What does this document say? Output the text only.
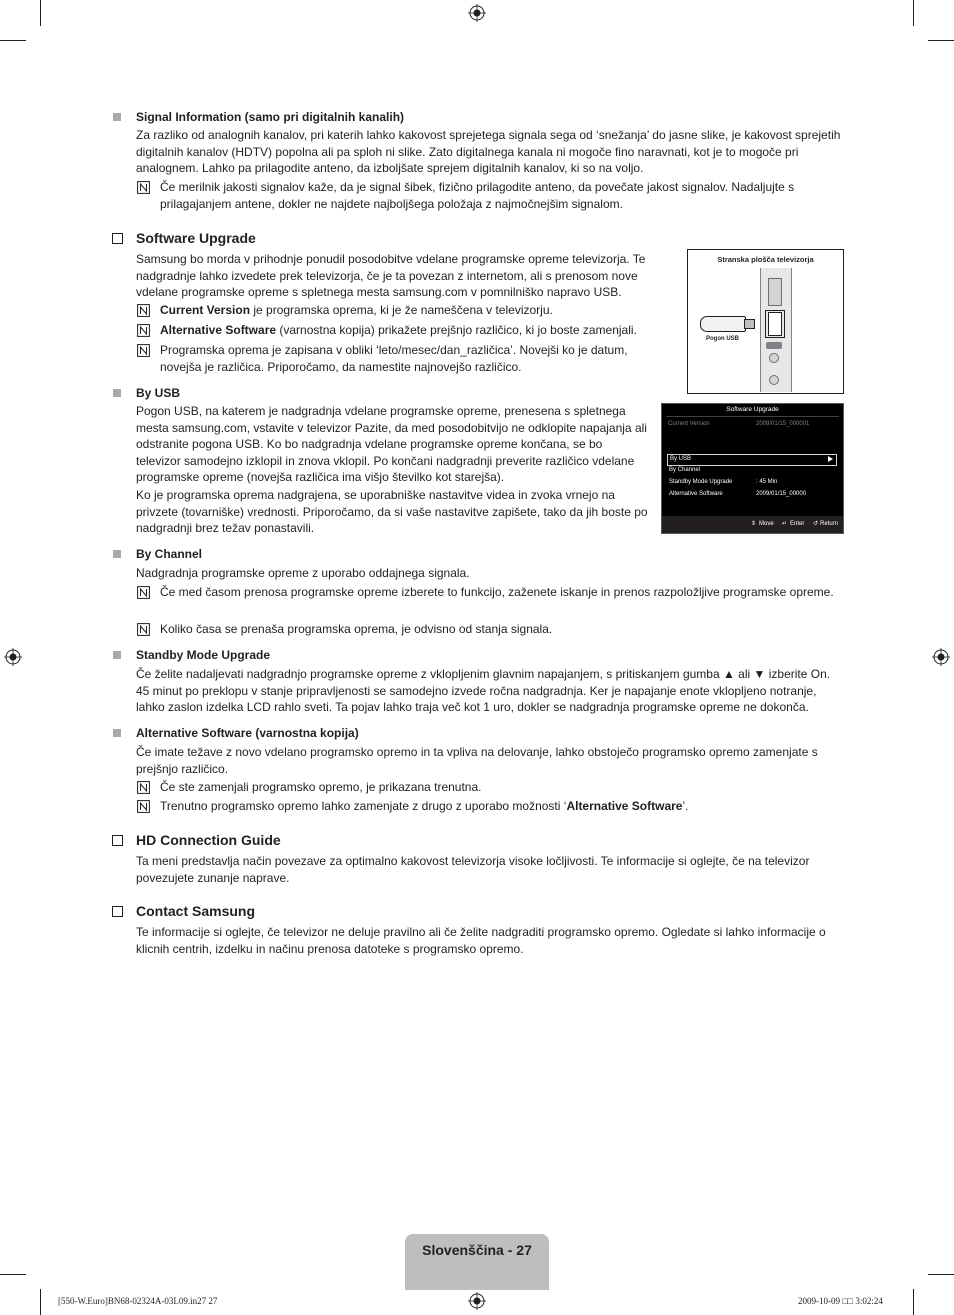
Signal Information (samo pri digitalnih kanalih)

Za razliko od analognih kanalov, pri katerih lahko kakovost sprejetega signala sega od ‘snežanja’ do jasne slike, je kakovost sprejetih digitalnih kanalov (HDTV) popolna ali pa sploh ni slike. Zato digitalnega kanala ni mogoče fino naravnati, kot je to mogoče pri analognem. Lahko pa prilagodite anteno, da izboljšate sprejem digitalnih kanalov, ki so na voljo.

Če merilnik jakosti signalov kaže, da je signal šibek, fizično prilagodite anteno, da povečate jakost signalov. Nadaljujte s prilagajanjem antene, dokler ne najdete najboljšega položaja z najmočnejšim signalom.

Software Upgrade

Samsung bo morda v prihodnje ponudil posodobitve vdelane programske opreme televizorja. Te nadgradnje lahko izvedete prek televizorja, če je ta povezan z internetom, ali s prenosom nove vdelane programske opreme s spletnega mesta samsung.com v pomnilniško napravo USB.

Current Version je programska oprema, ki je že nameščena v televizorju.

Alternative Software (varnostna kopija) prikažete prejšnjo različico, ki jo boste zamenjali.

Programska oprema je zapisana v obliki ‘leto/mesec/dan_različica’. Novejši ko je datum, novejša je različica. Priporočamo, da namestite najnovejšo različico.

Stranska plošča televizorja
Pogon USB
By USB

Pogon USB, na katerem je nadgradnja vdelane programske opreme, prenesena s spletnega mesta samsung.com, vstavite v televizor Pazite, da med posodobitvijo ne odklopite napajanja ali odstranite pogona USB. Ko bo nadgradnja vdelane programske opreme končana, se bo televizor samodejno izklopil in znova vklopil. Po končani nadgradnji preverite različico vdelane programske opreme (novejša različica ima višjo številko kot starejša).

Ko je programska oprema nadgrajena, se uporabniške nastavitve videa in zvoka vrnejo na privzete (tovarniške) vrednosti. Priporočamo, da si vaše nastavitve zapišete, tako da jih boste po nadgradnji brez težav ponastavili.

Software Upgrade
Current Version	2009/01/15_000001
By USB
By Channel
Standby Mode Upgrade	: 45 Min
Alternative Software	2009/01/15_00000
⇕ Move ↵ Enter ↺ Return
By Channel

Nadgradnja programske opreme z uporabo oddajnega signala.

Če med časom prenosa programske opreme izberete to funkcijo, zaženete iskanje in prenos razpoložljive programske opreme.

Koliko časa se prenaša programska oprema, je odvisno od stanja signala.

Standby Mode Upgrade

Če želite nadaljevati nadgradnjo programske opreme z vklopljenim glavnim napajanjem, s pritiskanjem gumba ▲ ali ▼ izberite On. 45 minut po preklopu v stanje pripravljenosti se samodejno izvede ročna nadgradnja. Ker je napajanje enote vklopljeno notranje, lahko zaslon izdelka LCD rahlo sveti. Ta pojav lahko traja več kot 1 uro, dokler se nadgradnja programske opreme ne dokonča.

Alternative Software (varnostna kopija)

Če imate težave z novo vdelano programsko opremo in ta vpliva na delovanje, lahko obstoječo programsko opremo zamenjate s prejšnjo različico.

Če ste zamenjali programsko opremo, je prikazana trenutna.

Trenutno programsko opremo lahko zamenjate z drugo z uporabo možnosti ‘Alternative Software’.

HD Connection Guide

Ta meni predstavlja način povezave za optimalno kakovost televizorja visoke ločljivosti. Te informacije si oglejte, če na televizor povezujete zunanje naprave.

Contact Samsung

Te informacije si oglejte, če televizor ne deluje pravilno ali če želite nadgraditi programsko opremo. Ogledate si lahko informacije o klicnih centrih, izdelku in načinu prenosa datoteke s programsko opremo.

Slovenščina - 27
[550-W.Euro]BN68-02324A-03L09.in27 27	2009-10-09 □□ 3:02:24
